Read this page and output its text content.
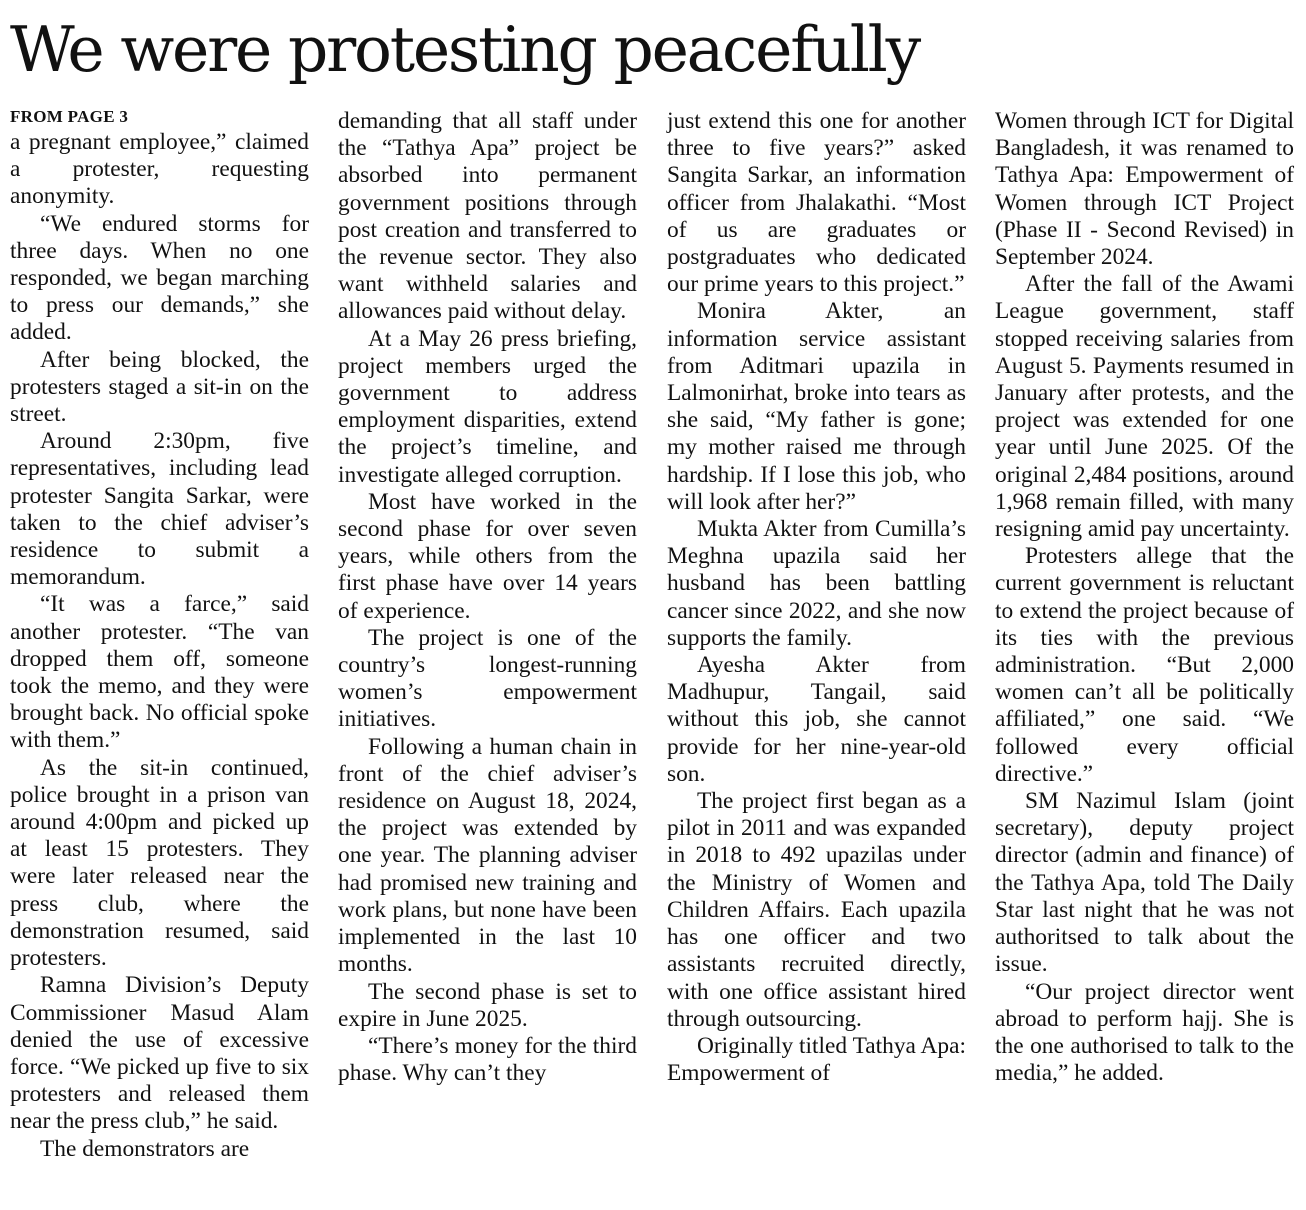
We were protesting peacefully
FROM PAGE 3

a pregnant employee,” claimed a protester, requesting anonymity.

“We endured storms for three days. When no one responded, we began marching to press our demands,” she added.

After being blocked, the protesters staged a sit-in on the street.

Around 2:30pm, five representatives, including lead protester Sangita Sarkar, were taken to the chief adviser’s residence to submit a memorandum.

“It was a farce,” said another protester. “The van dropped them off, someone took the memo, and they were brought back. No official spoke with them.”

As the sit-in continued, police brought in a prison van around 4:00pm and picked up at least 15 protesters. They were later released near the press club, where the demonstration resumed, said protesters.

Ramna Division’s Deputy Commissioner Masud Alam denied the use of excessive force. “We picked up five to six protesters and released them near the press club,” he said.

The demonstrators are

demanding that all staff under the “Tathya Apa” project be absorbed into permanent government positions through post creation and transferred to the revenue sector. They also want withheld salaries and allowances paid without delay.

At a May 26 press briefing, project members urged the government to address employment disparities, extend the project’s timeline, and investigate alleged corruption.

Most have worked in the second phase for over seven years, while others from the first phase have over 14 years of experience.

The project is one of the country’s longest-running women’s empowerment initiatives.

Following a human chain in front of the chief adviser’s residence on August 18, 2024, the project was extended by one year. The planning adviser had promised new training and work plans, but none have been implemented in the last 10 months.

The second phase is set to expire in June 2025.

“There’s money for the third phase. Why can’t they

just extend this one for another three to five years?” asked Sangita Sarkar, an information officer from Jhalakathi. “Most of us are graduates or postgraduates who dedicated our prime years to this project.”

Monira Akter, an information service assistant from Aditmari upazila in Lalmonirhat, broke into tears as she said, “My father is gone; my mother raised me through hardship. If I lose this job, who will look after her?”

Mukta Akter from Cumilla’s Meghna upazila said her husband has been battling cancer since 2022, and she now supports the family.

Ayesha Akter from Madhupur, Tangail, said without this job, she cannot provide for her nine-year-old son.

The project first began as a pilot in 2011 and was expanded in 2018 to 492 upazilas under the Ministry of Women and Children Affairs. Each upazila has one officer and two assistants recruited directly, with one office assistant hired through outsourcing.

Originally titled Tathya Apa: Empowerment of

Women through ICT for Digital Bangladesh, it was renamed to Tathya Apa: Empowerment of Women through ICT Project (Phase II - Second Revised) in September 2024.

After the fall of the Awami League government, staff stopped receiving salaries from August 5. Payments resumed in January after protests, and the project was extended for one year until June 2025. Of the original 2,484 positions, around 1,968 remain filled, with many resigning amid pay uncertainty.

Protesters allege that the current government is reluctant to extend the project because of its ties with the previous administration. “But 2,000 women can’t all be politically affiliated,” one said. “We followed every official directive.”

SM Nazimul Islam (joint secretary), deputy project director (admin and finance) of the Tathya Apa, told The Daily Star last night that he was not authoritsed to talk about the issue.

“Our project director went abroad to perform hajj. She is the one authorised to talk to the media,” he added.
